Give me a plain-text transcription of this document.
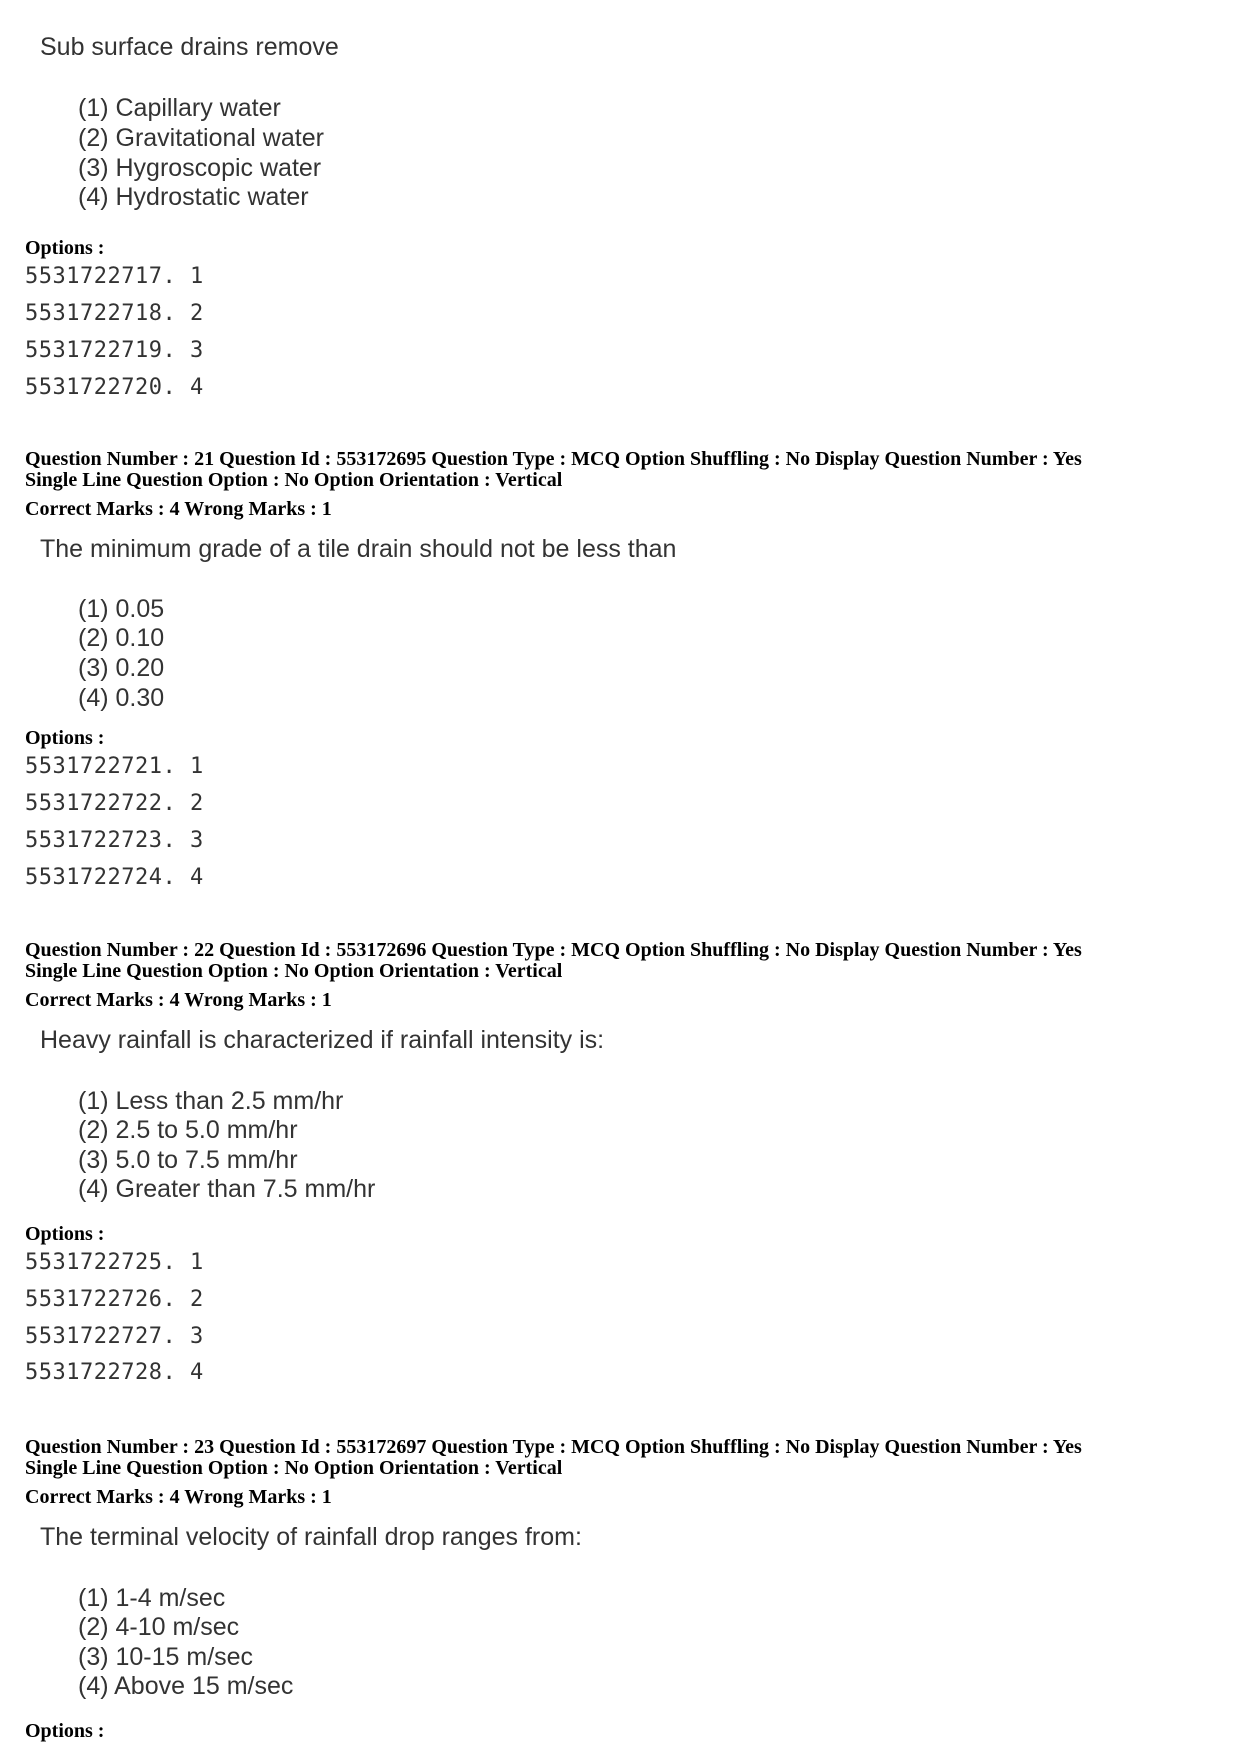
Sub surface drains remove
(1) Capillary water
(2) Gravitational water
(3) Hygroscopic water
(4) Hydrostatic water
Options :
5531722717. 1
5531722718. 2
5531722719. 3
5531722720. 4
Question Number : 21 Question Id : 553172695 Question Type : MCQ Option Shuffling : No Display Question Number : Yes
Single Line Question Option : No Option Orientation : Vertical
Correct Marks : 4 Wrong Marks : 1
The minimum grade of a tile drain should not be less than
(1) 0.05
(2) 0.10
(3) 0.20
(4) 0.30
Options :
5531722721. 1
5531722722. 2
5531722723. 3
5531722724. 4
Question Number : 22 Question Id : 553172696 Question Type : MCQ Option Shuffling : No Display Question Number : Yes
Single Line Question Option : No Option Orientation : Vertical
Correct Marks : 4 Wrong Marks : 1
Heavy rainfall is characterized if rainfall intensity is:
(1) Less than 2.5 mm/hr
(2) 2.5 to 5.0 mm/hr
(3) 5.0 to 7.5 mm/hr
(4) Greater than 7.5 mm/hr
Options :
5531722725. 1
5531722726. 2
5531722727. 3
5531722728. 4
Question Number : 23 Question Id : 553172697 Question Type : MCQ Option Shuffling : No Display Question Number : Yes
Single Line Question Option : No Option Orientation : Vertical
Correct Marks : 4 Wrong Marks : 1
The terminal velocity of rainfall drop ranges from:
(1) 1-4 m/sec
(2) 4-10 m/sec
(3) 10-15 m/sec
(4) Above 15 m/sec
Options :
